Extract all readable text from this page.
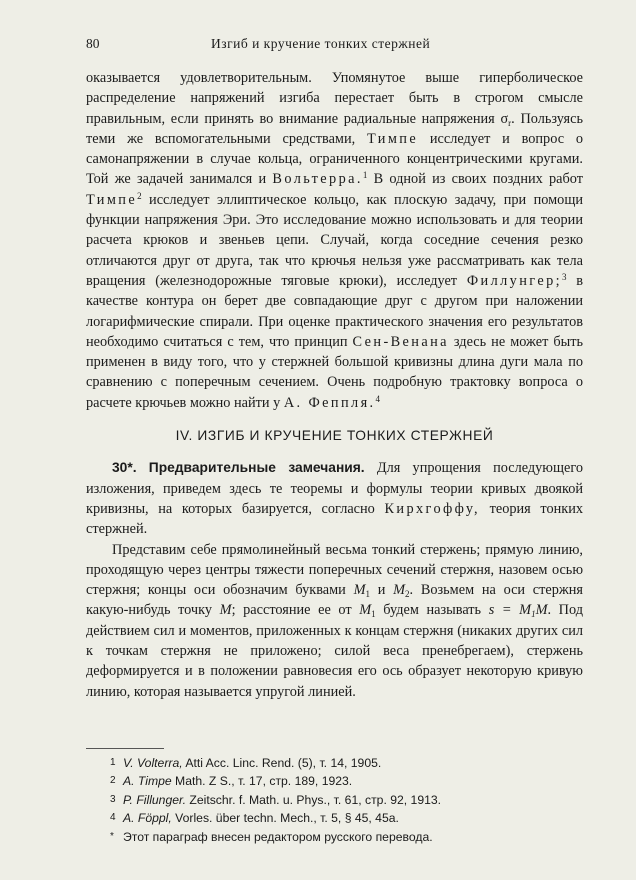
80	Изгиб и кручение тонких стержней

оказывается удовлетворительным. Упомянутое выше гиперболическое распределение напряжений изгиба перестает быть в строгом смысле правильным, если принять во внимание радиальные напряжения $\sigma_r$. Пользуясь теми же вспомогательными средствами, Тимпе исследует и вопрос о самонапряжении в случае кольца, ограниченного концентрическими кругами. Той же задачей занимался и Вольтерра.$^1$ В одной из своих поздних работ Тимпе$^2$ исследует эллиптическое кольцо, как плоскую задачу, при помощи функции напряжения Эри. Это исследование можно использовать и для теории расчета крюков и звеньев цепи. Случай, когда соседние сечения резко отличаются друг от друга, так что крючья нельзя уже рассматривать как тела вращения (железнодорожные тяговые крюки), исследует Филлунгер;$^3$ в качестве контура он берет две совпадающие друг с другом при наложении логарифмические спирали. При оценке практического значения его результатов необходимо считаться с тем, что принцип Сен-Венана здесь не может быть применен в виду того, что у стержней большой кривизны длина дуги мала по сравнению с поперечным сечением. Очень подробную трактовку вопроса о расчете крючьев можно найти у А. Феппля.$^4$

IV. ИЗГИБ И КРУЧЕНИЕ ТОНКИХ СТЕРЖНЕЙ

30*. Предварительные замечания. Для упрощения последующего изложения, приведем здесь те теоремы и формулы теории кривых двоякой кривизны, на которых базируется, согласно Кирхгоффу, теория тонких стержней.

Представим себе прямолинейный весьма тонкий стержень; прямую линию, проходящую через центры тяжести поперечных сечений стержня, назовем осью стержня; концы оси обозначим буквами $M_1$ и $M_2$. Возьмем на оси стержня какую-нибудь точку M; расстояние ее от $M_1$ будем называть $s = M_1M$. Под действием сил и моментов, приложенных к концам стержня (никаких других сил к точкам стержня не приложено; силой веса пренебрегаем), стержень деформируется и в положении равновесия его ось образует некоторую кривую линию, которая называется упругой линией.

1 V. Volterra, Atti Acc. Linc. Rend. (5), т. 14, 1905.
2 A. Timpe Math. Z S., т. 17, стр. 189, 1923.
3 P. Fillunger. Zeitschr. f. Math. u. Phys., т. 61, стр. 92, 1913.
4 A. Föppl, Vorles. über techn. Mech., т. 5, § 45, 45a.
* Этот параграф внесен редактором русского перевода.
